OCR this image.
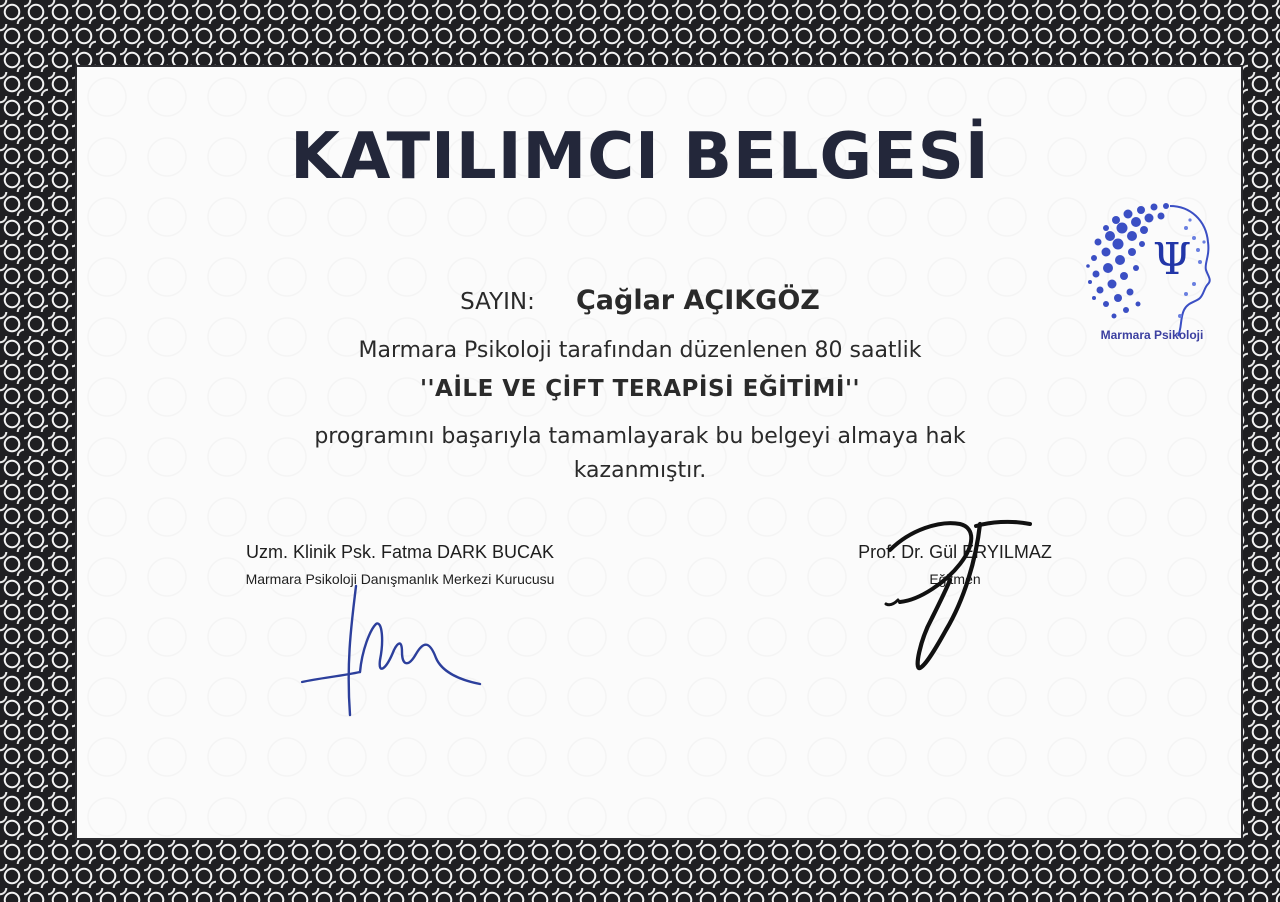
KATILIMCI BELGESİ
SAYIN: Çağlar AÇIKGÖZ
Marmara Psikoloji tarafından düzenlenen 80 saatlik
''AİLE VE ÇİFT TERAPİSİ EĞİTİMİ''
programını başarıyla tamamlayarak bu belgeyi almaya hak
kazanmıştır.
Uzm. Klinik Psk. Fatma DARK BUCAK
Marmara Psikoloji Danışmanlık Merkezi Kurucusu
Prof. Dr. Gül ERYILMAZ
Eğitmen
Ψ
Marmara Psikoloji
